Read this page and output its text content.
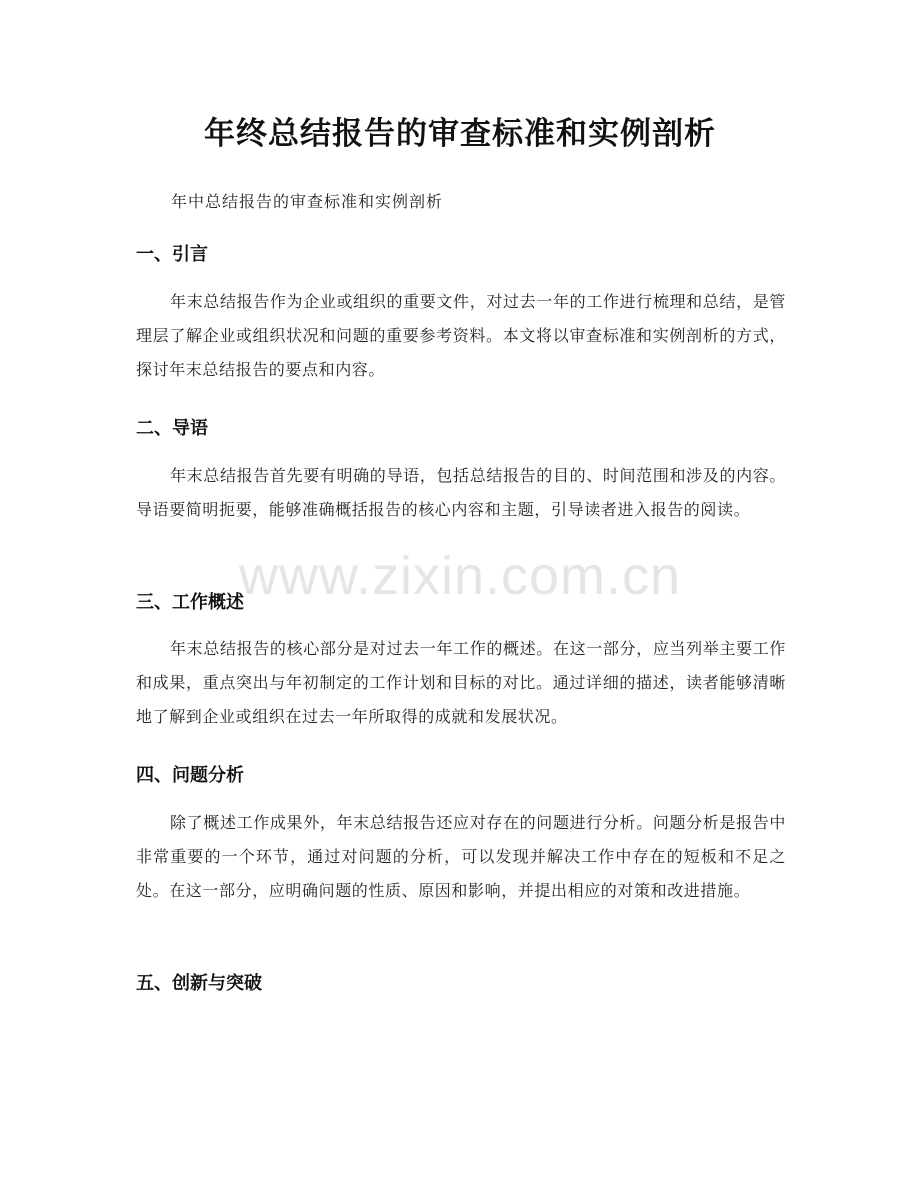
年终总结报告的审查标准和实例剖析

年中总结报告的审查标准和实例剖析

一、引言

年末总结报告作为企业或组织的重要文件，对过去一年的工作进行梳理和总结，是管理层了解企业或组织状况和问题的重要参考资料。本文将以审查标准和实例剖析的方式，探讨年末总结报告的要点和内容。

二、导语

年末总结报告首先要有明确的导语，包括总结报告的目的、时间范围和涉及的内容。导语要简明扼要，能够准确概括报告的核心内容和主题，引导读者进入报告的阅读。

三、工作概述

年末总结报告的核心部分是对过去一年工作的概述。在这一部分，应当列举主要工作和成果，重点突出与年初制定的工作计划和目标的对比。通过详细的描述，读者能够清晰地了解到企业或组织在过去一年所取得的成就和发展状况。

四、问题分析

除了概述工作成果外，年末总结报告还应对存在的问题进行分析。问题分析是报告中非常重要的一个环节，通过对问题的分析，可以发现并解决工作中存在的短板和不足之处。在这一部分，应明确问题的性质、原因和影响，并提出相应的对策和改进措施。

五、创新与突破
www.zixin.com.cn
